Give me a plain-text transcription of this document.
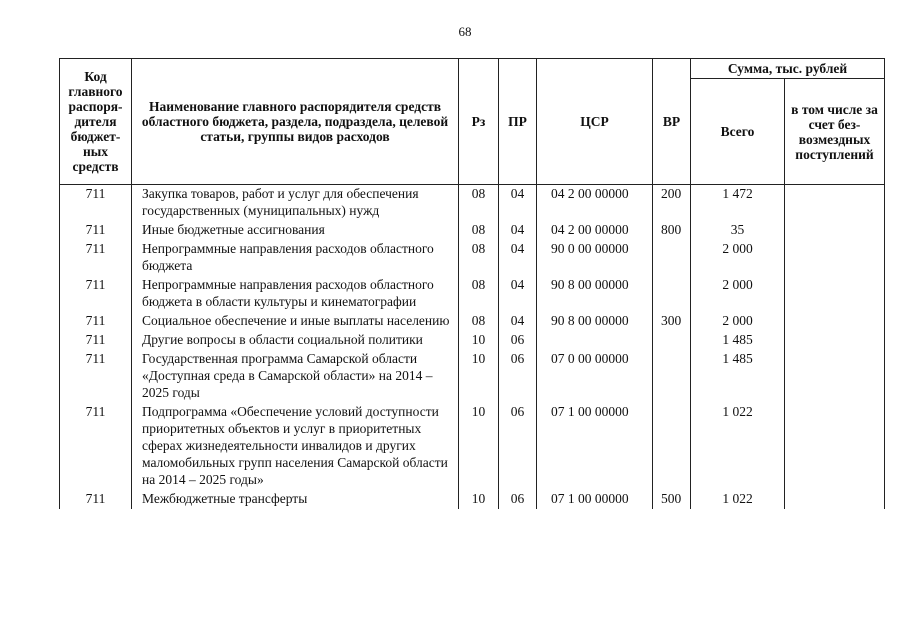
68
Код главного распоря-дителя бюджет-ных средств	Наименование главного распорядителя средств областного бюджета, раздела, подраздела, целевой статьи, группы видов расходов	Рз	ПР	ЦСР	ВР	Сумма, тыс. рублей	
						Всего	в том числе за счет без-возмездных поступлений
711	Закупка товаров, работ и услуг для обеспечения государственных (муниципальных) нужд	08	04	04 2 00 00000	200	1 472	
711	Иные бюджетные ассигнования	08	04	04 2 00 00000	800	35	
711	Непрограммные направления расходов областного бюджета	08	04	90 0 00 00000		2 000	
711	Непрограммные направления расходов областного бюджета в области культуры и кинематографии	08	04	90 8 00 00000		2 000	
711	Социальное обеспечение и иные выплаты населению	08	04	90 8 00 00000	300	2 000	
711	Другие вопросы в области социальной политики	10	06			1 485	
711	Государственная программа Самарской области «Доступная среда в Самарской области» на 2014 – 2025 годы	10	06	07 0 00 00000		1 485	
711	Подпрограмма «Обеспечение условий доступности приоритетных объектов и услуг в приоритетных сферах жизнедеятельности инвалидов и других маломобильных групп населения Самарской области на 2014 – 2025 годы»	10	06	07 1 00 00000		1 022	
711	Межбюджетные трансферты	10	06	07 1 00 00000	500	1 022	
